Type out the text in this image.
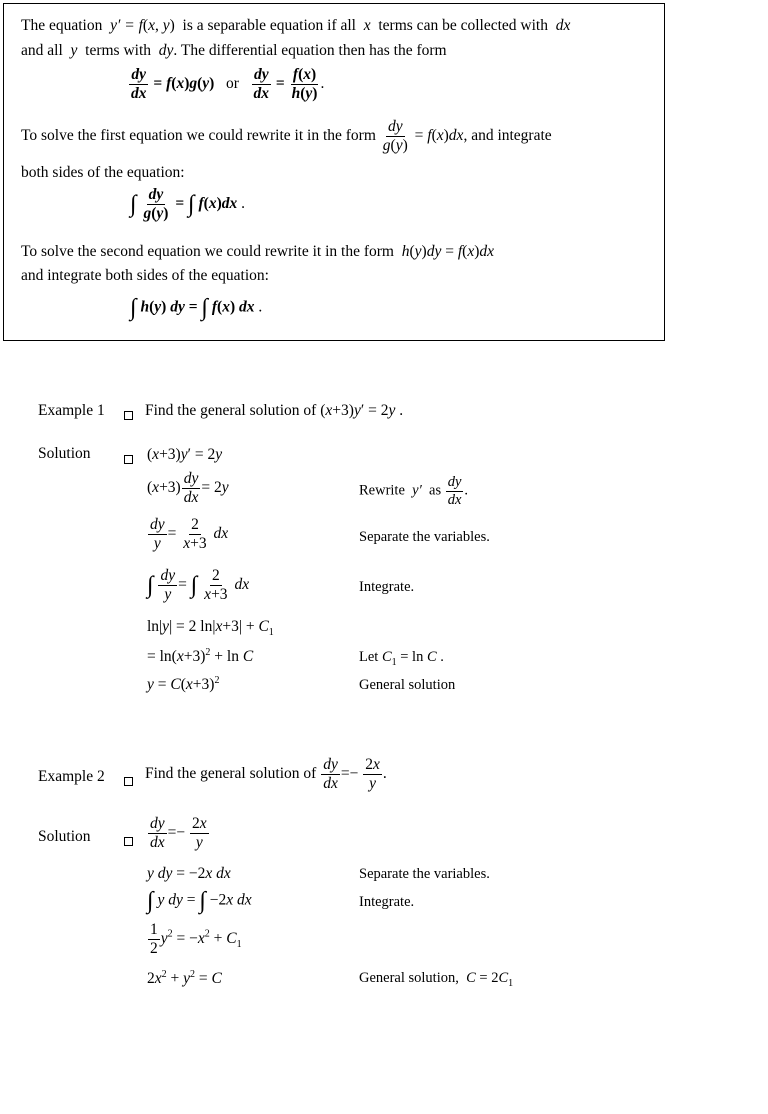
The equation  y′ = f(x, y)  is a separable equation if all  x  terms can be collected with  dx
and all  y  terms with  dy. The differential equation then has the form
$\frac{dy}{dx} = f(x)g(y)$   or $\frac{dy}{dx} = \frac{f(x)}{h(y)}$ .
To solve the first equation we could rewrite it in the form $\frac{dy}{g(y)} = f(x)dx$, and integrate
both sides of the equation:
∫ $\frac{dy}{g(y)}$ = ∫ f(x)dx .
To solve the second equation we could rewrite it in the form h(y)dy = f(x)dx
and integrate both sides of the equation:
∫ h(y) dy = ∫ f(x) dx .
Example 1	Find the general solution of (x+3)y′ = 2y .
Solution	(x+3)y′ = 2y
$(x+3) \frac{dy}{dx} = 2y$	Rewrite  y′  as $\frac{dy}{dx}$ .
$\frac{dy}{y} = \frac{2}{x+3}$ dx	Separate the variables.
∫ $\frac{dy}{y}$ = ∫ $\frac{2}{x+3}$ dx	Integrate.
ln|y| = 2 $\ln|x+3| + C_1$
= $\ln(x+3)^2 + \ln C$	Let $C_1 = \ln C$ .
$y = C(x+3)^2$	General solution
Example 2	Find the general solution of $\frac{dy}{dx} =- \frac{2x}{y}$ .
Solution	$\frac{dy}{dx} =- \frac{2x}{y}$
y dy = −2x dx	Separate the variables.
∫ y dy = ∫ −2x dx	Integrate.
$\frac{1}{2} y^2 = -x^2 + C_1$
$2x^2 + y^2 = C$	General solution, $C = 2C_1$
